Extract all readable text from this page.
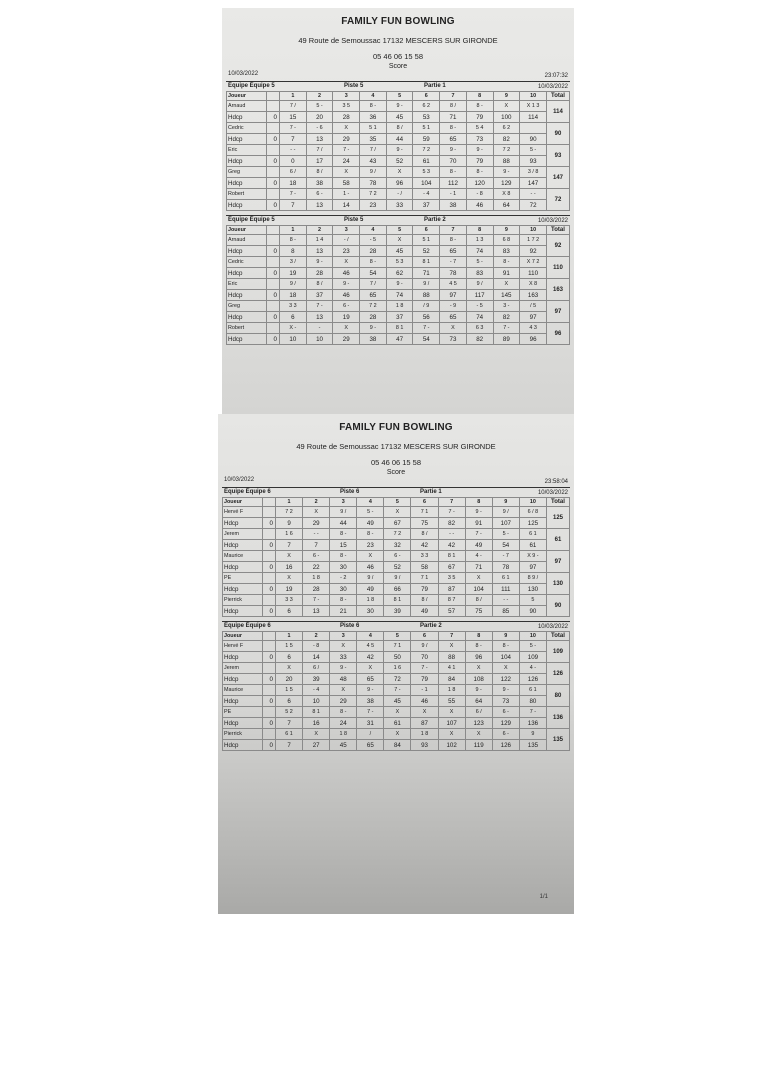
FAMILY FUN BOWLING
49 Route de Semoussac 17132 MESCERS SUR GIRONDE
05 46 06 15 58
Score
10/03/2022	23:07:32
Équipe Équipe 5	Piste 5	Partie 1	10/03/2022
Joueur		1	2	3	4	5	6	7	8	9	10	Total
Arnaud		7 /	5 -	3 5	8 -	9 -	6 2	8 /	8 -	X	X 1 3	114
Hdcp	0	15	20	28	36	45	53	71	79	100	114	
Cedric		7 -	- 6	X	5 1	8 /	5 1	8 -	5 4	6 2		90
Hdcp	0	7	13	29	35	44	59	65	73	82	90	
Eric		- -	7 /	7 -	7 /	9 -	7 2	9 -	9 -	7 2	5 -	93
Hdcp	0	0	17	24	43	52	61	70	79	88	93	
Greg		6 /	8 /	X	9 /	X	5 3	8 -	8 -	9 -	3 / 8	147
Hdcp	0	18	38	58	78	96	104	112	120	129	147	
Robert		7 -	6 -	1 -	7 2	- /	- 4	- 1	- 8	X 8	- -	72
Hdcp	0	7	13	14	23	33	37	38	46	64	72	
Équipe Équipe 5	Piste 5	Partie 2	10/03/2022
Joueur		1	2	3	4	5	6	7	8	9	10	Total
Arnaud		8 -	1 4	- /	- 5	X	5 1	8 -	1 3	6 8	1 7 2	92
Hdcp	0	8	13	23	28	45	52	65	74	83	92	
Cedric		3 /	9 -	X	8 -	5 3	8 1	- 7	5 -	8 -	X 7 2	110
Hdcp	0	19	28	46	54	62	71	78	83	91	110	
Eric		9 /	8 /	9 -	7 /	9 -	9 /	4 5	9 /	X	X 8	163
Hdcp	0	18	37	46	65	74	88	97	117	145	163	
Greg		3 3	7 -	6 -	7 2	1 8	/ 9	- 9	- 5	3 -	/ 5	97
Hdcp	0	6	13	19	28	37	56	65	74	82	97	
Robert		X -	-	X	9 -	8 1	7 -	X	6 3	7 -	4 3	96
Hdcp	0	10	10	29	38	47	54	73	82	89	96	
FAMILY FUN BOWLING
49 Route de Semoussac 17132 MESCERS SUR GIRONDE
05 46 06 15 58
Score
10/03/2022	23:58:04
Équipe Équipe 6	Piste 6	Partie 1	10/03/2022
Joueur		1	2	3	4	5	6	7	8	9	10	Total
Hervé F		7 2	X	9 /	5 -	X	7 1	7 -	9 -	9 /	6 / 8	125
Hdcp	0	9	29	44	49	67	75	82	91	107	125	
Jerem		1 6	- -	8 -	8 -	7 2	8 /	- -	7 -	5 -	6 1	61
Hdcp	0	7	7	15	23	32	42	42	49	54	61	
Maurice		X	6 -	8 -	X	6 -	3 3	8 1	4 -	- 7	X 9 -	97
Hdcp	0	16	22	30	46	52	58	67	71	78	97	
PE		X	1 8	- 2	9 /	9 /	7 1	3 5	X	6 1	8 9 /	130
Hdcp	0	19	28	30	49	66	79	87	104	111	130	
Pierrick		3 3	7 -	8 -	1 8	8 1	8 /	8 7	8 /	- -	5	90
Hdcp	0	6	13	21	30	39	49	57	75	85	90	
Équipe Équipe 6	Piste 6	Partie 2	10/03/2022
Joueur		1	2	3	4	5	6	7	8	9	10	Total
Hervé F		1 5	- 8	X	4 5	7 1	9 /	X	8 -	8 -	5 -	109
Hdcp	0	6	14	33	42	50	70	88	96	104	109	
Jerem		X	6 /	9 -	X	1 6	7 -	4 1	X	X	4 -	126
Hdcp	0	20	39	48	65	72	79	84	108	122	126	
Maurice		1 5	- 4	X	9 -	7 -	- 1	1 8	9 -	9 -	6 1	80
Hdcp	0	6	10	29	38	45	46	55	64	73	80	
PE		5 2	8 1	8 -	7 -	X	X	X	6 /	6 -	7 -	136
Hdcp	0	7	16	24	31	61	87	107	123	129	136	
Pierrick		6 1	X	1 8	/	X	1 8	X	X	6 -	9	135
Hdcp	0	7	27	45	65	84	93	102	119	126	135	
1/1
